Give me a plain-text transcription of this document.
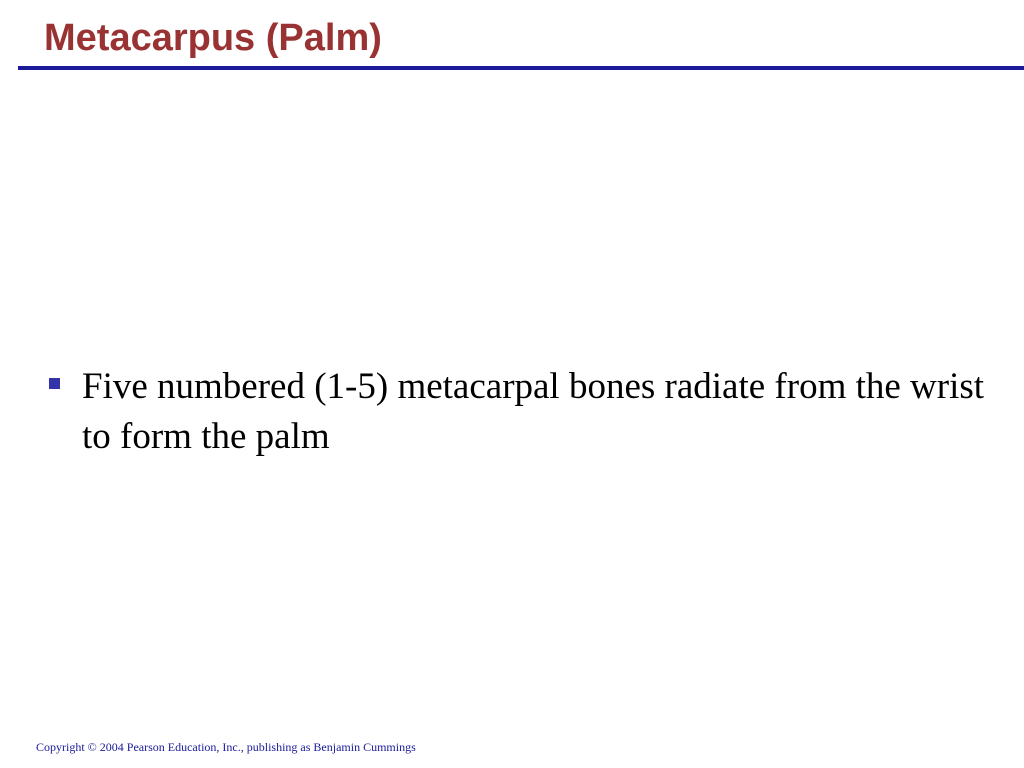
Metacarpus (Palm)
Five numbered (1-5) metacarpal bones radiate from the wrist to form the palm

Copyright © 2004 Pearson Education, Inc., publishing as Benjamin Cummings
